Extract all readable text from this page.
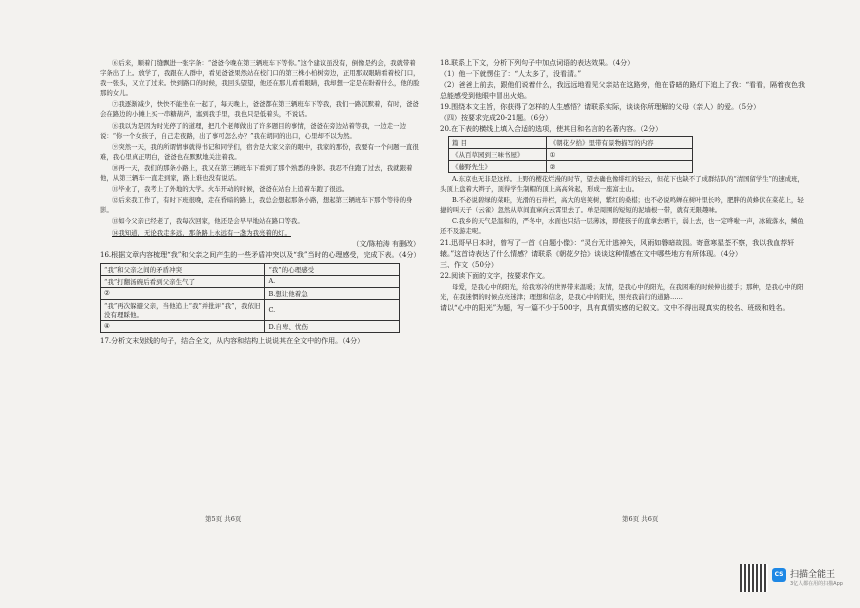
⑥后来，顺着门缝飘进一张字条：“爸爸今晚在第三辆班车下等你。”这个建议虽没有，倒像是约会，我就带着字条出了上。放学了，我跟在人群中，看见爸爸果然站在校门口的第三株小柏树旁边，正用那双眼睛看着校门口，我一张头，又立了过来。快到路口的时候，我回头望望，他还在那儿看看眼睛，我却想一定是在盼着什么，他的脸那的女儿。

⑦我逐渐减少，快快不能坐在一起了，每天晚上，爸爸都在第三辆班车下等我，我们一路沉默着，有时，爸爸会在路边的小摊上买一串糖葫芦，塞到我手里，我也只是低着头，不说话。

⑧我以为是因为时光停了的道理，把几个老师做出了许多题目的事情，爸爸在旁边站着等我，一边走一边说：“你一个女孩子，自己走夜路，出了事可怎么办？”我在胡同的出口，心里却不以为然。

⑨突然一天，我的所谓情事就得书记和同学们，宿舍是大家父亲的眼中，我家的那份，我要有一个问题一直很难，我心里真正明白，爸爸也在默默地关注着我。

⑩再一天，我们的那条小路上，我又在第三辆班车下看到了那个熟悉的身影。我忍不住跑了过去，我就跟着他，从第三辆车一直走到家，路上谁也没有说话。

⑪毕业了，我考上了外地的大学。火车开动的时候，爸爸在站台上追着车跑了很远。

⑫后来我工作了，有时下班很晚，走在昏暗的路上，我总会想起那条小路，想起第三辆班车下那个等待的身影。

⑬如今父亲已经老了，我每次回家，他还是会早早地站在路口等我。

⑭我知道，无论我走多远，那条路上永远有一盏为我亮着的灯。

（文/陈柏涛 有删改）

16.根据文章内容梳理“我”和父亲之间产生的一些矛盾冲突以及“我”当时的心理感受，完成下表。（4分）

“我”和父亲之间的矛盾冲突	“我”的心理感受
“我”打翻汤碗后看到父亲生气了	A.
②	B.想让他着急
“我”再次躲避父亲，当他追上“我”并批评“我”，我依旧没有理睬他。	C.
④	D.自卑、忧伤

17.分析文末划线的句子，结合全文，从内容和结构上说说其在全文中的作用。（4分）

第5页 共6页

18.联系上下文，分析下列句子中加点词语的表达效果。（4分）

（1）他一下就愣住了：“人太多了，没看清。”

（2）爸爸上前去，跟他们说着什么，我远远地看见父亲站在这路旁，他在昏暗的路灯下追上了我：“看看，隔着夜色我总能感受到他眼中冒出火焰。

19.围绕本文主旨，你获得了怎样的人生感悟？请联系实际，谈谈你所理解的父母（亲人）的爱。（5分）

（四）按要求完成20-21题。（6分）

20.在下表的横线上填入合适的选项，使其目和名言的名著内容。（2分）

篇 目	《朝花夕拾》里带有景物描写的内容
《从百草园到三味书屋》	①
《藤野先生》	②

A.东京也无非是这样。上野的樱花烂漫的时节，望去确也像绯红的轻云，但花下也缺不了成群结队的“清国留学生”的速成班，头顶上盘着大辫子，顶得学生制帽的顶上高高耸起，形成一座富士山。

B.不必说碧绿的菜畦，光滑的石井栏，高大的皂荚树，紫红的桑椹；也不必说鸣蝉在树叶里长吟，肥胖的黄蜂伏在菜花上，轻捷的叫天子（云雀）忽然从草间直窜向云霄里去了。单是周围的短短的泥墙根一带，就有无限趣味。

C.我乡的天气是温和的，严冬中，水面也只结一层薄冰，即使孩子的直拿去晒干，弱上去，也一定哗啦一声，冰破落水，鳞鱼还不及游走呢。

21.迅哥早日本时，曾写了一首《自题小像》：“灵台无计逃神矢，风雨如磐暗故园。寄意寒星荃不察，我以我血荐轩辕。”这首诗表达了什么情感？请联系《朝花夕拾》谈谈这种情感在文中哪些地方有所体现。（4分）

三、作文（50分）

22.阅读下面的文字，按要求作文。

母爱，是我心中的阳光，给我寒冷的世界带来温暖；友情，是我心中的阳光，在我困难的时候伸出援手；那种，是我心中的阳光，在我迷惘的时候点亮迷津；理想和信念，是我心中的阳光，照亮我前行的道路……

请以“心中的阳光”为题，写一篇不少于500字，具有真情实感的记叙文。文中不得出现真实的校名、班级和姓名。

第6页 共6页
CS 扫描全能王
3亿人都在用的扫描App
